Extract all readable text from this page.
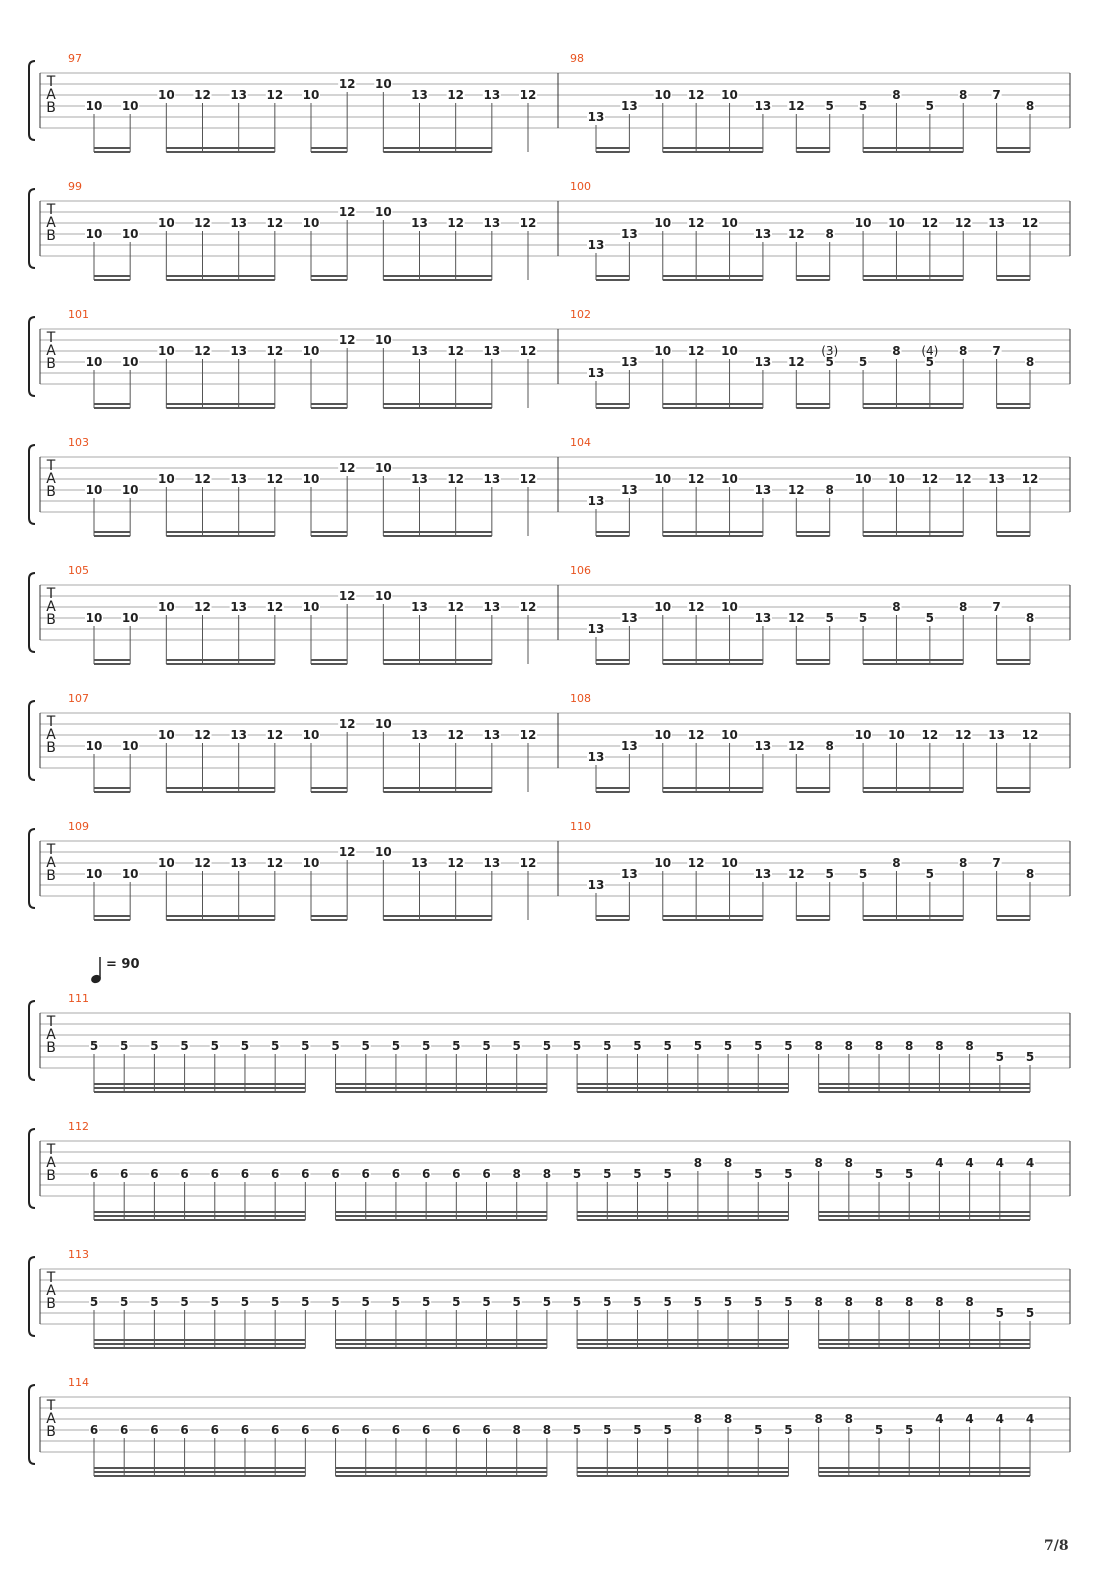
T
A
B 10 10
10 12 13 12 10
12 10
13 12 13 12
13
13
10 12 10
13 12 5 5
8
5
8 7
8
T
A
B 10 10
10 12 13 12 10
12 10
13 12 13 12
13
13
10 12 10
13 12 8
10 10 12 12 13 12
T
A
B 10 10
10 12 13 12 10
12 10
13 12 13 12
13
13
10 12 10
13 12 5
(3)
5
8
5
(4) 8 7
8
T
A
B 10 10
10 12 13 12 10
12 10
13 12 13 12
13
13
10 12 10
13 12 8
10 10 12 12 13 12
T
A
B 10 10
10 12 13 12 10
12 10
13 12 13 12
13
13
10 12 10
13 12 5 5
8
5
8 7
8
T
A
B 10 10
10 12 13 12 10
12 10
13 12 13 12
13
13
10 12 10
13 12 8
10 10 12 12 13 12
T
A
B 10 10
10 12 13 12 10
12 10
13 12 13 12
13
13
10 12 10
13 12 5 5
8
5
8 7
8
T
A
B	5 5 5 5 5 5 5 5 5 5 5 5 5 5 5 5 5 5 5 5 5 5 5 5 8 8 8 8 8 8
5 5
T
A
B	6 6 6 6 6 6 6 6 6 6 6 6 6 6 8 8 5 5 5 5
8 8
5 5
8 8
5 5
4 4 4 4
T
A
B	5 5 5 5 5 5 5 5 5 5 5 5 5 5 5 5 5 5 5 5 5 5 5 5 8 8 8 8 8 8
5 5
T
A
B	6 6 6 6 6 6 6 6 6 6 6 6 6 6 8 8 5 5 5 5
8 8
5 5
8 8
5 5
4 4 4 4
97	98
99	100
101	102
103	104
105	106
107	108
109	110
111
112
113
114
= 90
7/8
